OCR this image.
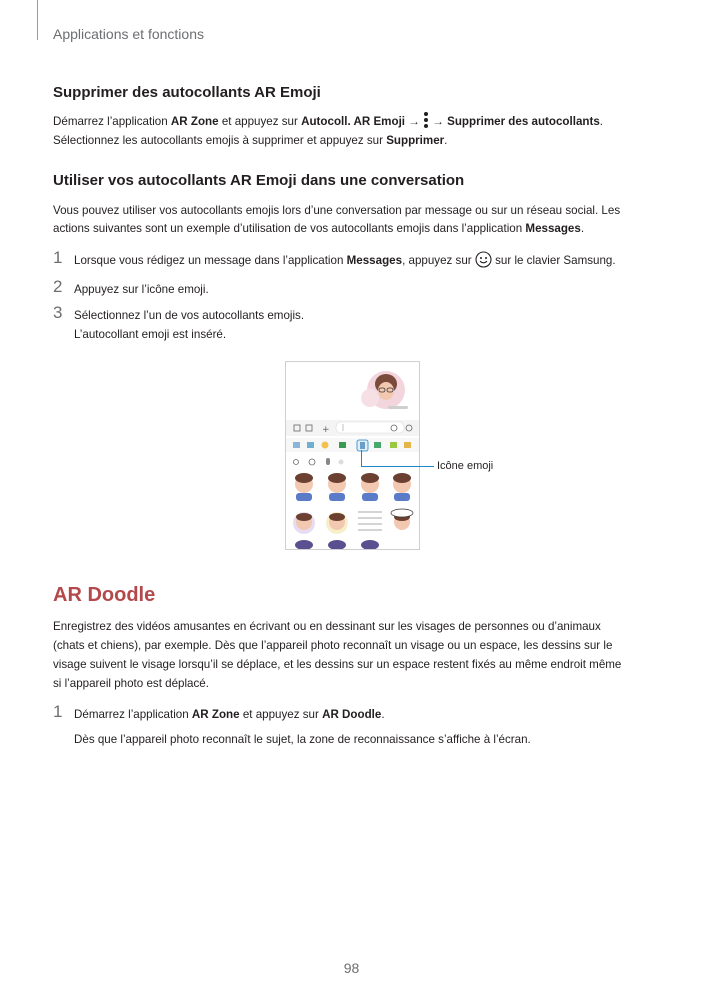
Applications et fonctions
Supprimer des autocollants AR Emoji
Démarrez l’application AR Zone et appuyez sur Autocoll. AR Emoji →
→ Supprimer des autocollants.
Sélectionnez les autocollants emojis à supprimer et appuyez sur Supprimer.
Utiliser vos autocollants AR Emoji dans une conversation
Vous pouvez utiliser vos autocollants emojis lors d’une conversation par message ou sur un réseau social. Les
actions suivantes sont un exemple d’utilisation de vos autocollants emojis dans l’application Messages.
1 Lorsque vous rédigez un message dans l’application Messages, appuyez sur  sur le clavier Samsung.
2 Appuyez sur l’icône emoji.
3 Sélectionnez l’un de vos autocollants emojis.
L’autocollant emoji est inséré.
+
Icône emoji
AR Doodle
Enregistrez des vidéos amusantes en écrivant ou en dessinant sur les visages de personnes ou d’animaux
(chats et chiens), par exemple. Dès que l’appareil photo reconnaît un visage ou un espace, les dessins sur le
visage suivent le visage lorsqu’il se déplace, et les dessins sur un espace restent fixés au même endroit même
si l’appareil photo est déplacé.
1 Démarrez l’application AR Zone et appuyez sur AR Doodle.
Dès que l’appareil photo reconnaît le sujet, la zone de reconnaissance s’affiche à l’écran.
98
